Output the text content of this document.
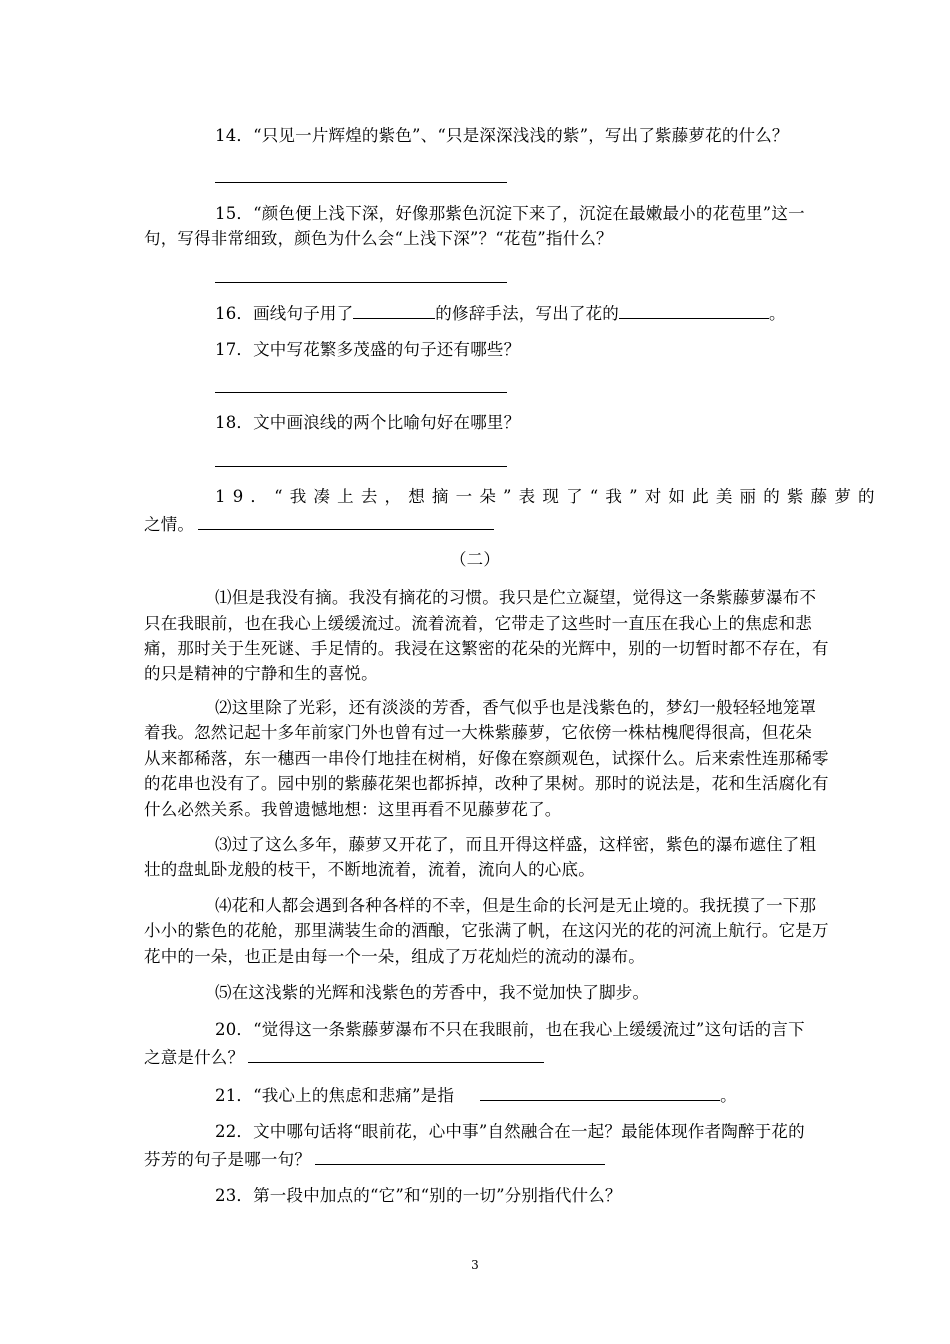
14．“只见一片辉煌的紫色”、“只是深深浅浅的紫”，写出了紫藤萝花的什么？
15．“颜色便上浅下深，好像那紫色沉淀下来了，沉淀在最嫩最小的花苞里”这一
句，写得非常细致，颜色为什么会“上浅下深”？“花苞”指什么？
16．画线句子用了	的修辞手法，写出了花的	。
17．文中写花繁多茂盛的句子还有哪些？
18．文中画浪线的两个比喻句好在哪里？
19．“我凑上去，想摘一朵”表现了“我”对如此美丽的紫藤萝的
之情。
（二）
⑴但是我没有摘。我没有摘花的习惯。我只是伫立凝望，觉得这一条紫藤萝瀑布不
只在我眼前，也在我心上缓缓流过。流着流着，它带走了这些时一直压在我心上的焦虑和悲
痛，那时关于生死谜、手足情的。我浸在这繁密的花朵的光辉中，别的一切暂时都不存在，有
的只是精神的宁静和生的喜悦。
⑵这里除了光彩，还有淡淡的芳香，香气似乎也是浅紫色的，梦幻一般轻轻地笼罩
着我。忽然记起十多年前家门外也曾有过一大株紫藤萝，它依傍一株枯槐爬得很高，但花朵
从来都稀落，东一穗西一串伶仃地挂在树梢，好像在察颜观色，试探什么。后来索性连那稀零
的花串也没有了。园中别的紫藤花架也都拆掉，改种了果树。那时的说法是，花和生活腐化有
什么必然关系。我曾遗憾地想：这里再看不见藤萝花了。
⑶过了这么多年，藤萝又开花了，而且开得这样盛，这样密，紫色的瀑布遮住了粗
壮的盘虬卧龙般的枝干，不断地流着，流着，流向人的心底。
⑷花和人都会遇到各种各样的不幸，但是生命的长河是无止境的。我抚摸了一下那
小小的紫色的花舱，那里满装生命的酒酿，它张满了帆，在这闪光的花的河流上航行。它是万
花中的一朵，也正是由每一个一朵，组成了万花灿烂的流动的瀑布。
⑸在这浅紫的光辉和浅紫色的芳香中，我不觉加快了脚步。
20．“觉得这一条紫藤萝瀑布不只在我眼前，也在我心上缓缓流过”这句话的言下
之意是什么？
21．“我心上的焦虑和悲痛”是指	。
22．文中哪句话将“眼前花，心中事”自然融合在一起？最能体现作者陶醉于花的
芬芳的句子是哪一句？
23．第一段中加点的“它”和“别的一切”分别指代什么？
3
